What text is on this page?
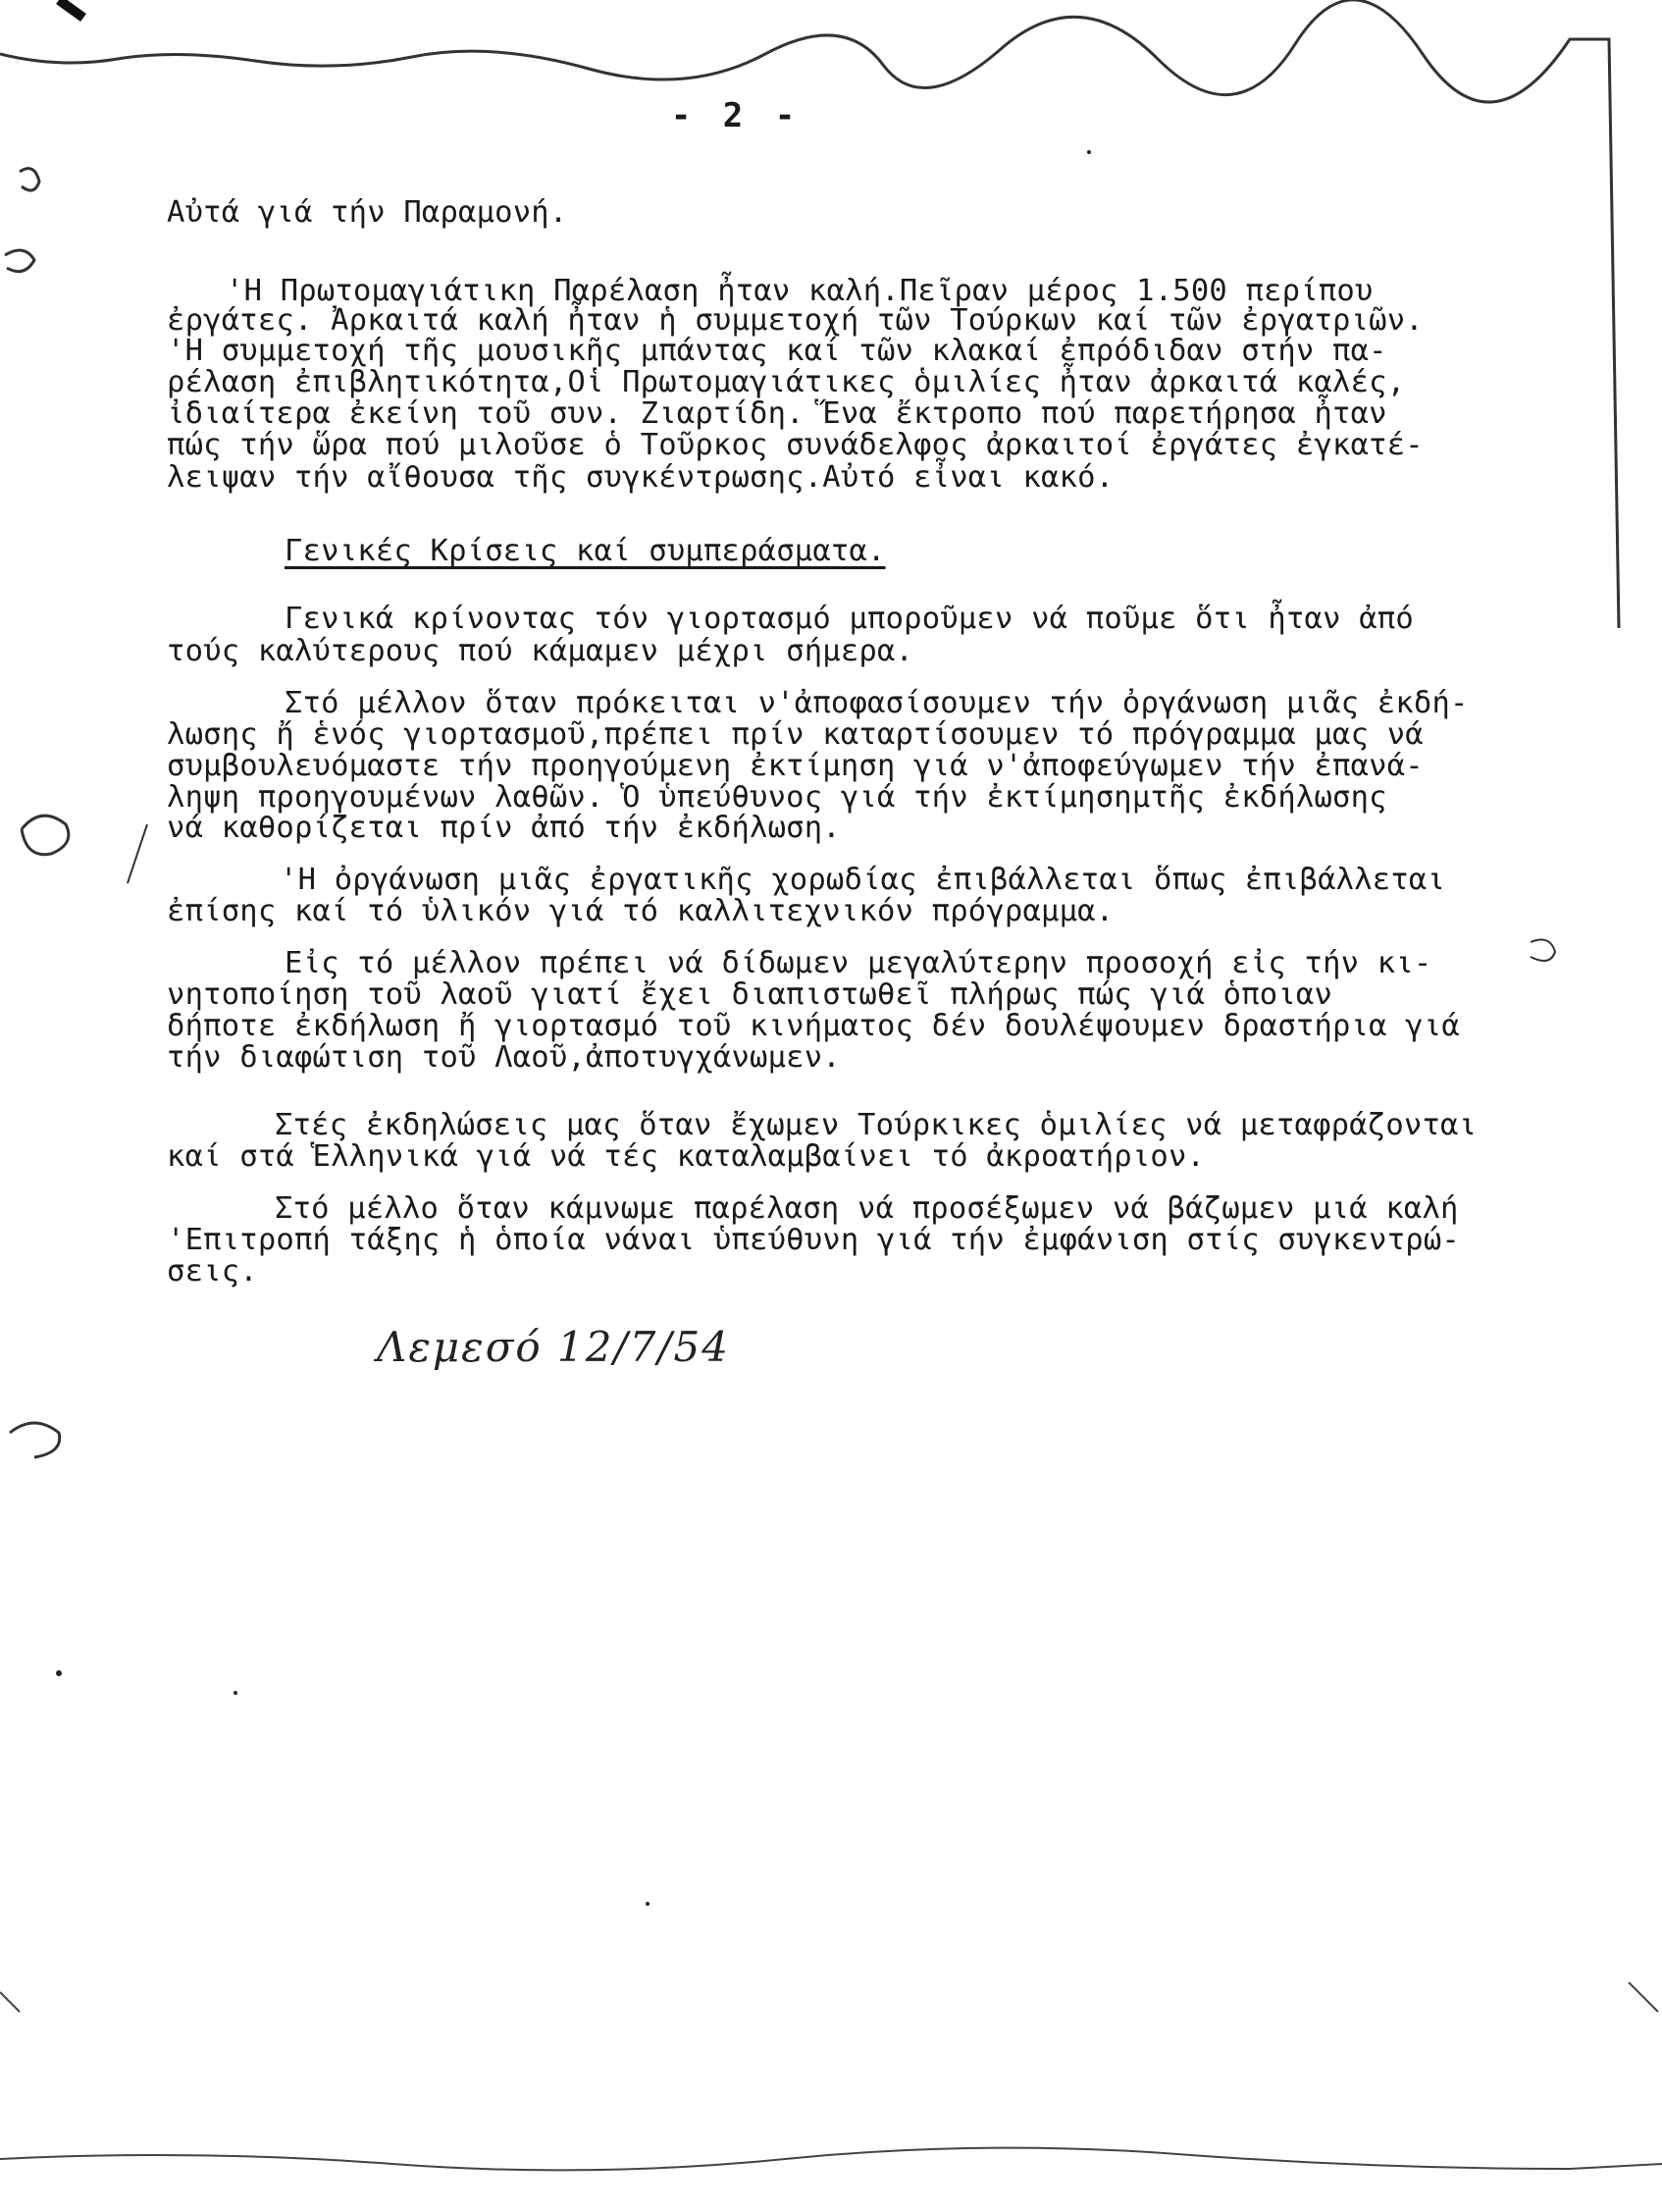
- 2 -
Αὐτά γιά τήν Παραμονή.
'Η Πρωτομαγιάτικη Παρέλαση ἦταν καλή.Πεῖραν μέρος 1.500 περίπου
ἐργάτες. Ἀρκαιτά καλή ἦταν ἡ συμμετοχή τῶν Τούρκων καί τῶν ἐργατριῶν.
'Η συμμετοχή τῆς μουσικῆς μπάντας καί τῶν κλακαί ἐπρόδιδαν στήν πα-
ρέλαση ἐπιβλητικότητα,Οἱ Πρωτομαγιάτικες ὁμιλίες ἦταν ἀρκαιτά καλές,
ἰδιαίτερα ἐκείνη τοῦ συν. Ζιαρτίδη. Ἕνα ἔκτροπο πού παρετήρησα ἦταν
πώς τήν ὥρα πού μιλοῦσε ὁ Τοῦρκος συνάδελφος ἀρκαιτοί ἐργάτες ἐγκατέ-
λειψαν τήν αἴθουσα τῆς συγκέντρωσης.Αὐτό εἶναι κακό.
Γενικές Κρίσεις καί συμπεράσματα.
Γενικά κρίνοντας τόν γιορτασμό μποροῦμεν νά ποῦμε ὅτι ἦταν ἀπό
τούς καλύτερους πού κάμαμεν μέχρι σήμερα.
Στό μέλλον ὅταν πρόκειται ν'ἀποφασίσουμεν τήν ὀργάνωση μιᾶς ἐκδή-
λωσης ἤ ἑνός γιορτασμοῦ,πρέπει πρίν καταρτίσουμεν τό πρόγραμμα μας νά
συμβουλευόμαστε τήν προηγούμενη ἐκτίμηση γιά ν'ἀποφεύγωμεν τήν ἐπανά-
ληψη προηγουμένων λαθῶν. Ὁ ὑπεύθυνος γιά τήν ἐκτίμησημτῆς ἐκδήλωσης
νά καθορίζεται πρίν ἀπό τήν ἐκδήλωση.
'Η ὀργάνωση μιᾶς ἐργατικῆς χορωδίας ἐπιβάλλεται ὅπως ἐπιβάλλεται
ἐπίσης καί τό ὑλικόν γιά τό καλλιτεχνικόν πρόγραμμα.
Εἰς τό μέλλον πρέπει νά δίδωμεν μεγαλύτερην προσοχή εἰς τήν κι-
νητοποίηση τοῦ λαοῦ γιατί ἔχει διαπιστωθεῖ πλήρως πώς γιά ὁποιαν
δήποτε ἐκδήλωση ἤ γιορτασμό τοῦ κινήματος δέν δουλέψουμεν δραστήρια γιά
τήν διαφώτιση τοῦ Λαοῦ,ἀποτυγχάνωμεν.
Στές ἐκδηλώσεις μας ὅταν ἔχωμεν Τούρκικες ὁμιλίες νά μεταφράζονται
καί στά Ἑλληνικά γιά νά τές καταλαμβαίνει τό ἀκροατήριον.
Στό μέλλο ὅταν κάμνωμε παρέλαση νά προσέξωμεν νά βάζωμεν μιά καλή
'Επιτροπή τάξης ἡ ὁποία νάναι ὑπεύθυνη γιά τήν ἐμφάνιση στίς συγκεντρώ-
σεις.
Λεμεσό 12/7/54
